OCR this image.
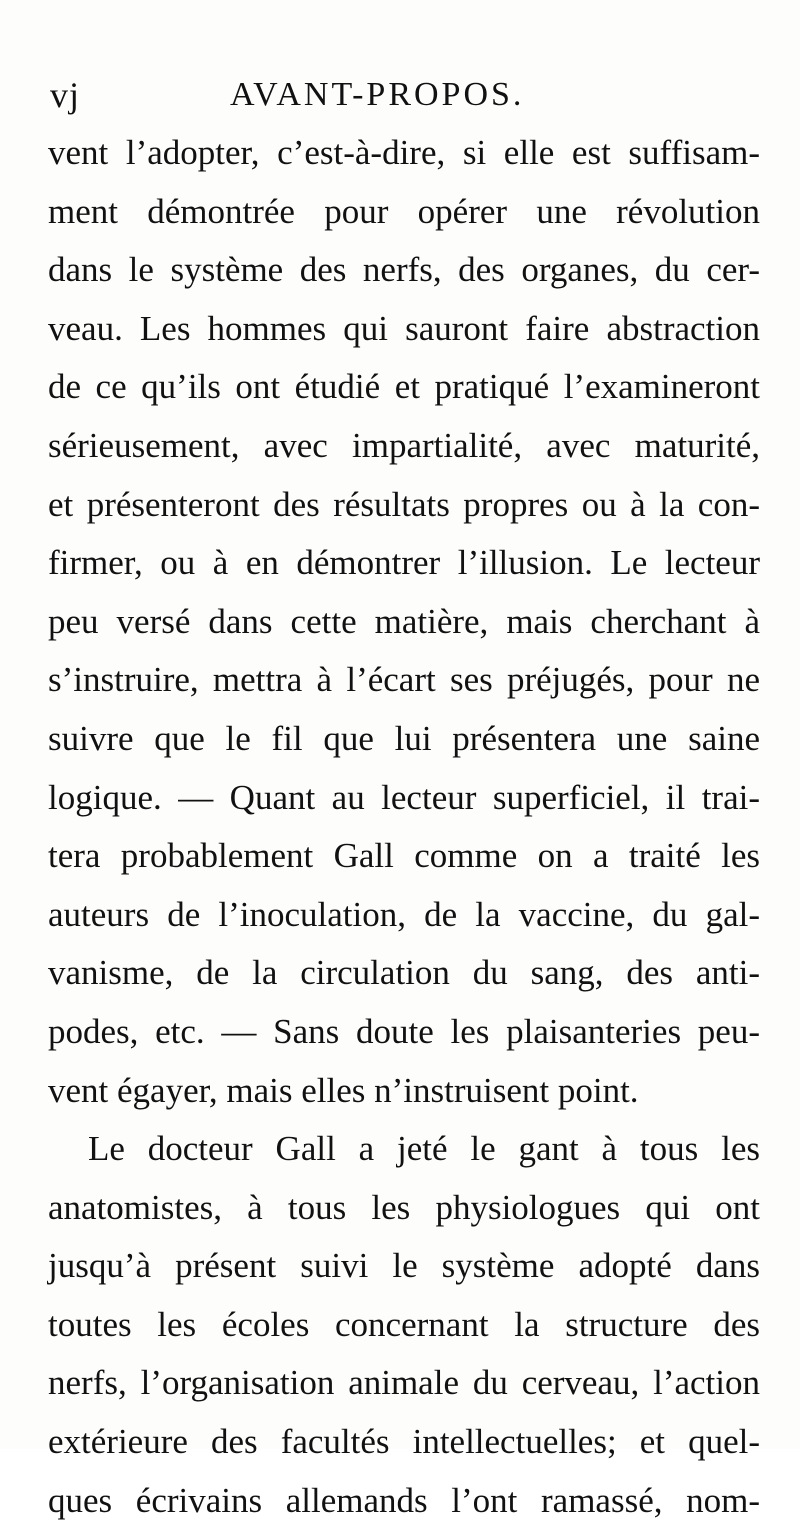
vj	AVANT-PROPOS.
vent l’adopter, c’est-à-dire, si elle est suffisam-
ment démontrée pour opérer une révolution
dans le système des nerfs, des organes, du cer-
veau. Les hommes qui sauront faire abstraction
de ce qu’ils ont étudié et pratiqué l’examineront
sérieusement, avec impartialité, avec maturité,
et présenteront des résultats propres ou à la con-
firmer, ou à en démontrer l’illusion. Le lecteur
peu versé dans cette matière, mais cherchant à
s’instruire, mettra à l’écart ses préjugés, pour ne
suivre que le fil que lui présentera une saine
logique. — Quant au lecteur superficiel, il trai-
tera probablement Gall comme on a traité les
auteurs de l’inoculation, de la vaccine, du gal-
vanisme, de la circulation du sang, des anti-
podes, etc. — Sans doute les plaisanteries peu-
vent égayer, mais elles n’instruisent point.
Le docteur Gall a jeté le gant à tous les
anatomistes, à tous les physiologues qui ont
jusqu’à présent suivi le système adopté dans
toutes les écoles concernant la structure des
nerfs, l’organisation animale du cerveau, l’action
extérieure des facultés intellectuelles; et quel-
ques écrivains allemands l’ont ramassé, nom-
